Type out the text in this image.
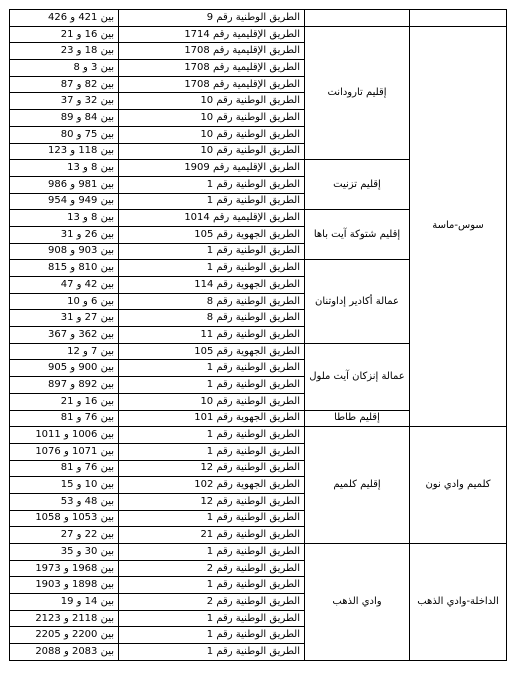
		الطريق الوطنية رقم 9	بين 421 و 426
سوس-ماسة	إقليم تارودانت	الطريق الإقليمية رقم 1714	بين 16 و 21
		الطريق الإقليمية رقم 1708	بين 18 و 23
		الطريق الإقليمية رقم 1708	بين 3 و 8
		الطريق الإقليمية رقم 1708	بين 82 و 87
		الطريق الوطنية رقم 10	بين 32 و 37
		الطريق الوطنية رقم 10	بين 84 و 89
		الطريق الوطنية رقم 10	بين 75 و 80
		الطريق الوطنية رقم 10	بين 118 و 123
	إقليم تزنيت	الطريق الإقليمية رقم 1909	بين 8 و 13
		الطريق الوطنية رقم 1	بين 981 و 986
		الطريق الوطنية رقم 1	بين 949 و 954
	إقليم شتوكة آيت باها	الطريق الإقليمية رقم 1014	بين 8 و 13
		الطريق الجهوية رقم 105	بين 26 و 31
		الطريق الوطنية رقم 1	بين 903 و 908
	عمالة أكادير إداوتنان	الطريق الوطنية رقم 1	بين 810 و 815
		الطريق الجهوية رقم 114	بين 42 و 47
		الطريق الوطنية رقم 8	بين 6 و 10
		الطريق الوطنية رقم 8	بين 27 و 31
		الطريق الوطنية رقم 11	بين 362 و 367
	عمالة إنزكان آيت ملول	الطريق الجهوية رقم 105	بين 7 و 12
		الطريق الوطنية رقم 1	بين 900 و 905
		الطريق الوطنية رقم 1	بين 892 و 897
		الطريق الوطنية رقم 10	بين 16 و 21
	إقليم طاطا	الطريق الجهوية رقم 101	بين 76 و 81
كلميم وادي نون	إقليم كلميم	الطريق الوطنية رقم 1	بين 1006 و 1011
		الطريق الوطنية رقم 1	بين 1071 و 1076
		الطريق الوطنية رقم 12	بين 76 و 81
		الطريق الجهوية رقم 102	بين 10 و 15
		الطريق الوطنية رقم 12	بين 48 و 53
		الطريق الوطنية رقم 1	بين 1053 و 1058
		الطريق الوطنية رقم 21	بين 22 و 27
الداخلة-وادي الذهب	وادي الذهب	الطريق الوطنية رقم 1	بين 30 و 35
		الطريق الوطنية رقم 2	بين 1968 و 1973
		الطريق الوطنية رقم 1	بين 1898 و 1903
		الطريق الوطنية رقم 2	بين 14 و 19
		الطريق الوطنية رقم 1	بين 2118 و 2123
		الطريق الوطنية رقم 1	بين 2200 و 2205
		الطريق الوطنية رقم 1	بين 2083 و 2088
